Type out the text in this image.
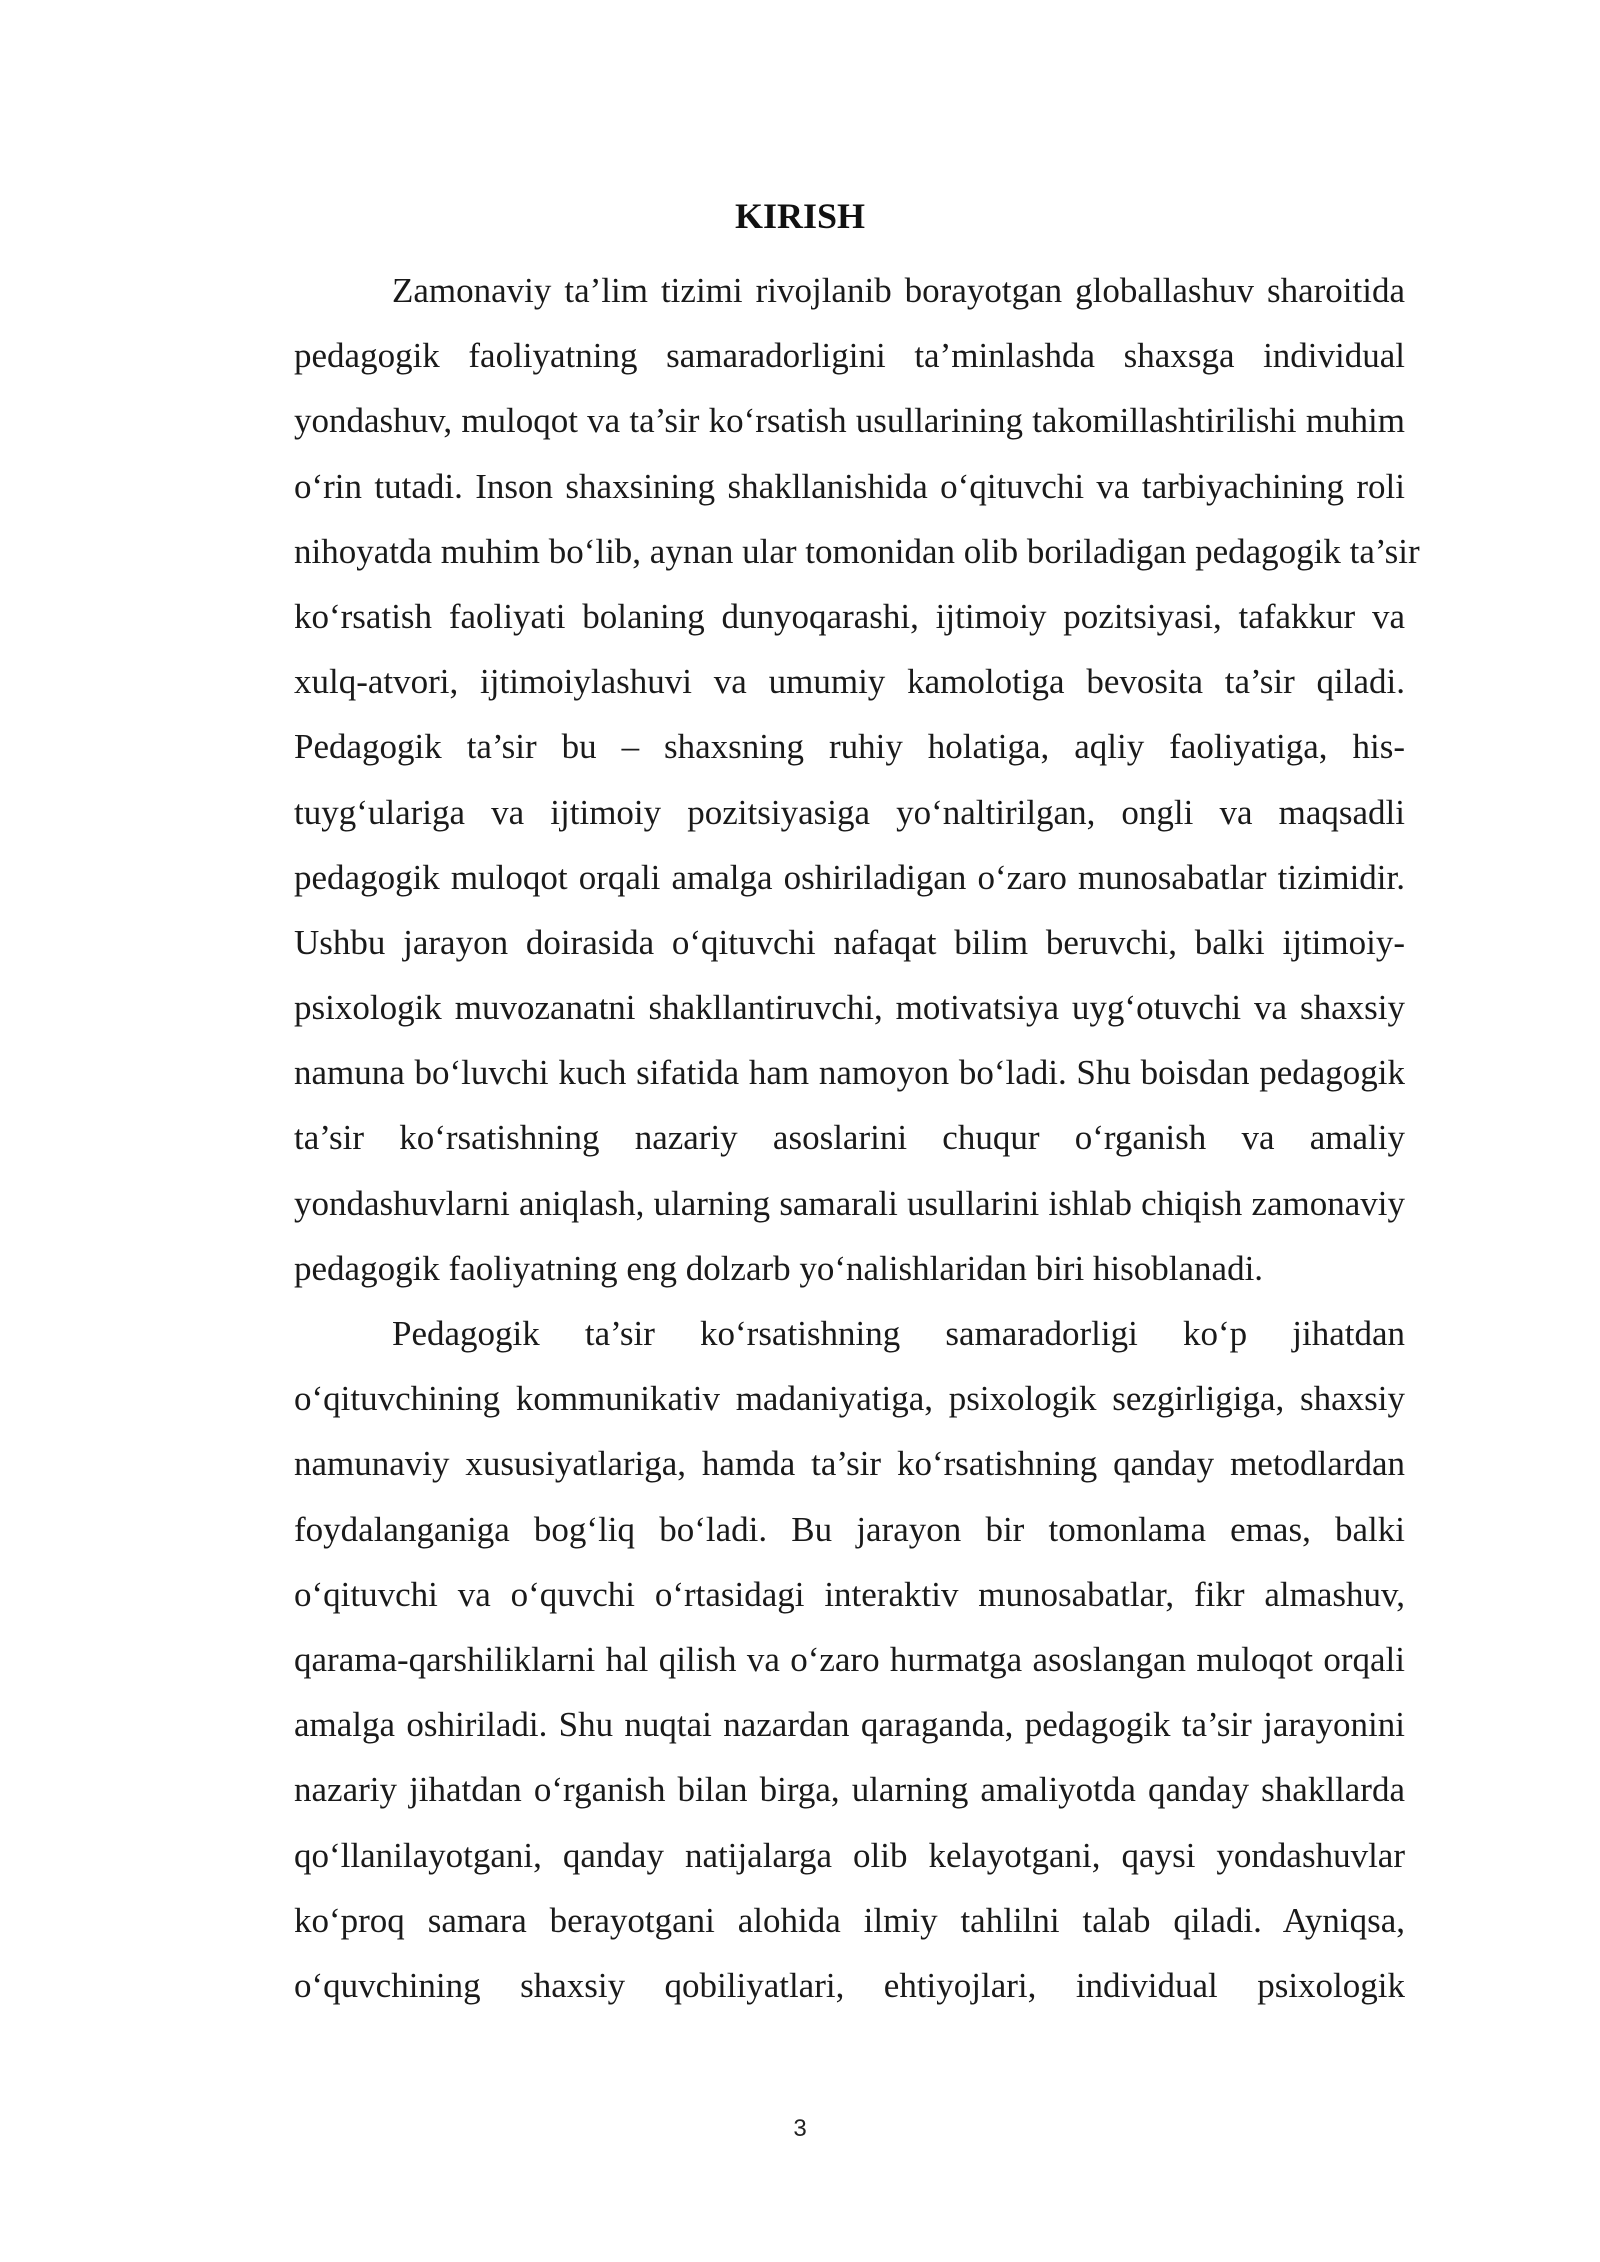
KIRISH
Zamonaviy ta’lim tizimi rivojlanib borayotgan globallashuv sharoitida
pedagogik faoliyatning samaradorligini ta’minlashda shaxsga individual
yondashuv, muloqot va ta’sir ko‘rsatish usullarining takomillashtirilishi muhim
o‘rin tutadi. Inson shaxsining shakllanishida o‘qituvchi va tarbiyachining roli
nihoyatda muhim bo‘lib, aynan ular tomonidan olib boriladigan pedagogik ta’sir
ko‘rsatish faoliyati bolaning dunyoqarashi, ijtimoiy pozitsiyasi, tafakkur va
xulq-atvori, ijtimoiylashuvi va umumiy kamolotiga bevosita ta’sir qiladi.
Pedagogik ta’sir bu – shaxsning ruhiy holatiga, aqliy faoliyatiga, his-
tuyg‘ulariga va ijtimoiy pozitsiyasiga yo‘naltirilgan, ongli va maqsadli
pedagogik muloqot orqali amalga oshiriladigan o‘zaro munosabatlar tizimidir.
Ushbu jarayon doirasida o‘qituvchi nafaqat bilim beruvchi, balki ijtimoiy-
psixologik muvozanatni shakllantiruvchi, motivatsiya uyg‘otuvchi va shaxsiy
namuna bo‘luvchi kuch sifatida ham namoyon bo‘ladi. Shu boisdan pedagogik
ta’sir ko‘rsatishning nazariy asoslarini chuqur o‘rganish va amaliy
yondashuvlarni aniqlash, ularning samarali usullarini ishlab chiqish zamonaviy
pedagogik faoliyatning eng dolzarb yo‘nalishlaridan biri hisoblanadi.
Pedagogik ta’sir ko‘rsatishning samaradorligi ko‘p jihatdan
o‘qituvchining kommunikativ madaniyatiga, psixologik sezgirligiga, shaxsiy
namunaviy xususiyatlariga, hamda ta’sir ko‘rsatishning qanday metodlardan
foydalanganiga bog‘liq bo‘ladi. Bu jarayon bir tomonlama emas, balki
o‘qituvchi va o‘quvchi o‘rtasidagi interaktiv munosabatlar, fikr almashuv,
qarama-qarshiliklarni hal qilish va o‘zaro hurmatga asoslangan muloqot orqali
amalga oshiriladi. Shu nuqtai nazardan qaraganda, pedagogik ta’sir jarayonini
nazariy jihatdan o‘rganish bilan birga, ularning amaliyotda qanday shakllarda
qo‘llanilayotgani, qanday natijalarga olib kelayotgani, qaysi yondashuvlar
ko‘proq samara berayotgani alohida ilmiy tahlilni talab qiladi. Ayniqsa,
o‘quvchining shaxsiy qobiliyatlari, ehtiyojlari, individual psixologik
3
